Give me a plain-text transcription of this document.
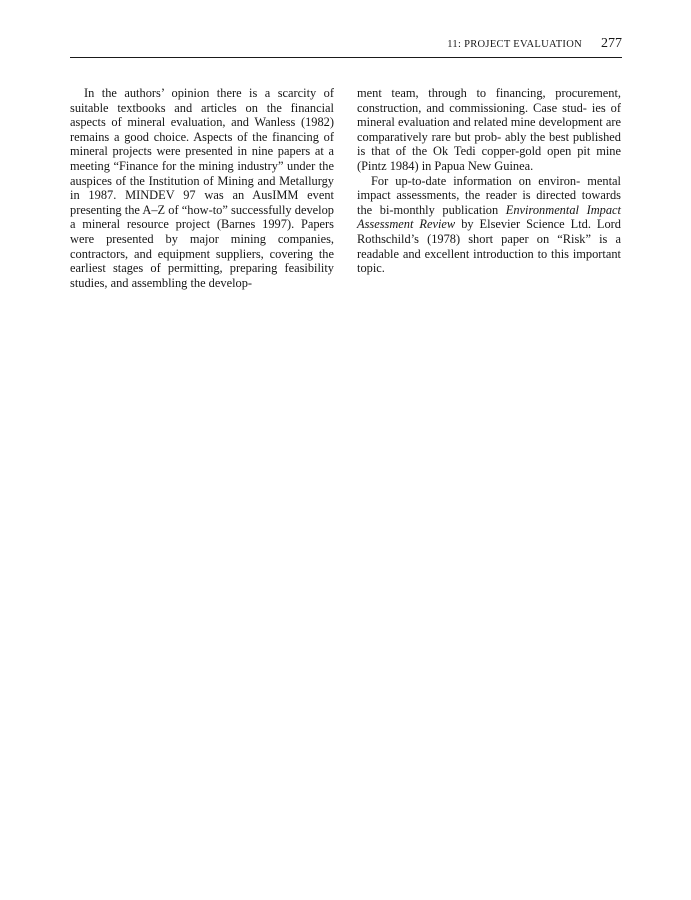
11: PROJECT EVALUATION 277

In the authors’ opinion there is a scarcity of suitable textbooks and articles on the financial aspects of mineral evaluation, and Wanless (1982) remains a good choice. Aspects of the financing of mineral projects were presented in nine papers at a meeting “Finance for the mining industry” under the auspices of the Institution of Mining and Metallurgy in 1987. MINDEV 97 was an AusIMM event presenting the A–Z of “how-to” successfully develop a mineral resource project (Barnes 1997). Papers were presented by major mining companies, contractors, and equipment suppliers, covering the earliest stages of permitting, preparing feasibility studies, and assembling the develop-

ment team, through to financing, procurement, construction, and commissioning. Case stud- ies of mineral evaluation and related mine development are comparatively rare but prob- ably the best published is that of the Ok Tedi copper-gold open pit mine (Pintz 1984) in Papua New Guinea.

For up-to-date information on environ- mental impact assessments, the reader is directed towards the bi-monthly publication Environmental Impact Assessment Review by Elsevier Science Ltd. Lord Rothschild’s (1978) short paper on “Risk” is a readable and excellent introduction to this important topic.
